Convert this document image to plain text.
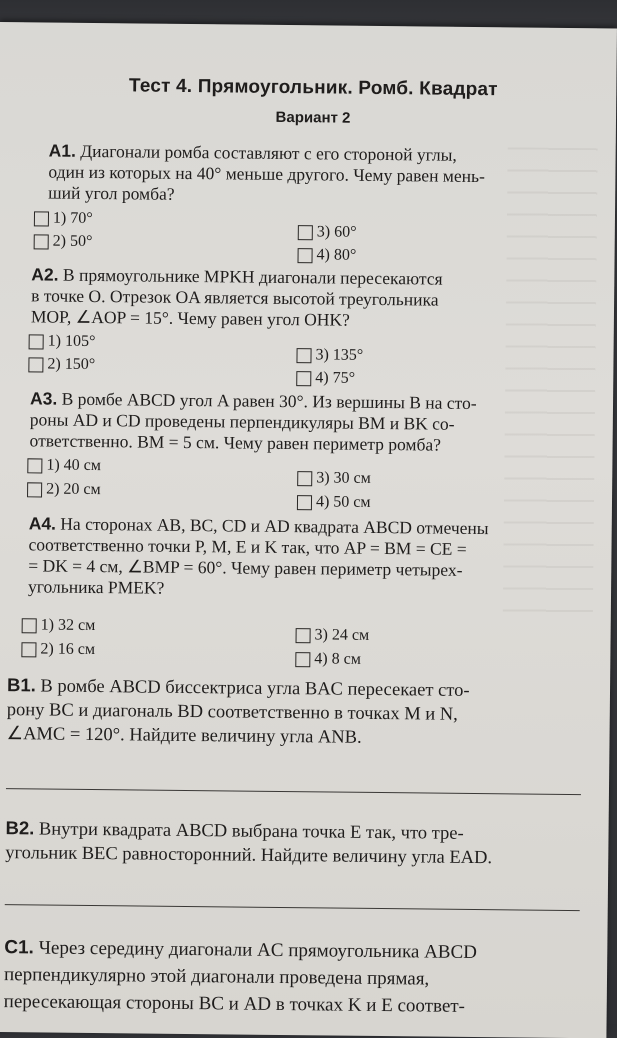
Тест 4. Прямоугольник. Ромб. Квадрат
Вариант 2
А1. Диагонали ромба составляют с его стороной углы,
один из которых на 40° меньше другого. Чему равен мень-
ший угол ромба?
1) 70°
2) 50°
3) 60°
4) 80°
А2. В прямоугольнике MPKH диагонали пересекаются
в точке O. Отрезок OA является высотой треугольника
MOP, ∠AOP = 15°. Чему равен угол OHK?
1) 105°
2) 150°
3) 135°
4) 75°
А3. В ромбе ABCD угол A равен 30°. Из вершины B на сто-
роны AD и CD проведены перпендикуляры BM и BK со-
ответственно. BM = 5 см. Чему равен периметр ромба?
1) 40 см
2) 20 см
3) 30 см
4) 50 см
А4. На сторонах AB, BC, CD и AD квадрата ABCD отмечены
соответственно точки P, M, E и K так, что AP = BM = CE =
= DK = 4 см, ∠BMP = 60°. Чему равен периметр четырех-
угольника PMEK?
1) 32 см
2) 16 см
3) 24 см
4) 8 см
В1. В ромбе ABCD биссектриса угла BAC пересекает сто-
рону BC и диагональ BD соответственно в точках M и N,
∠AMC = 120°. Найдите величину угла ANB.
В2. Внутри квадрата ABCD выбрана точка E так, что тре-
угольник BEC равносторонний. Найдите величину угла EAD.
С1. Через середину диагонали AC прямоугольника ABCD
перпендикулярно этой диагонали проведена прямая,
пересекающая стороны BC и AD в точках K и E соответ-
